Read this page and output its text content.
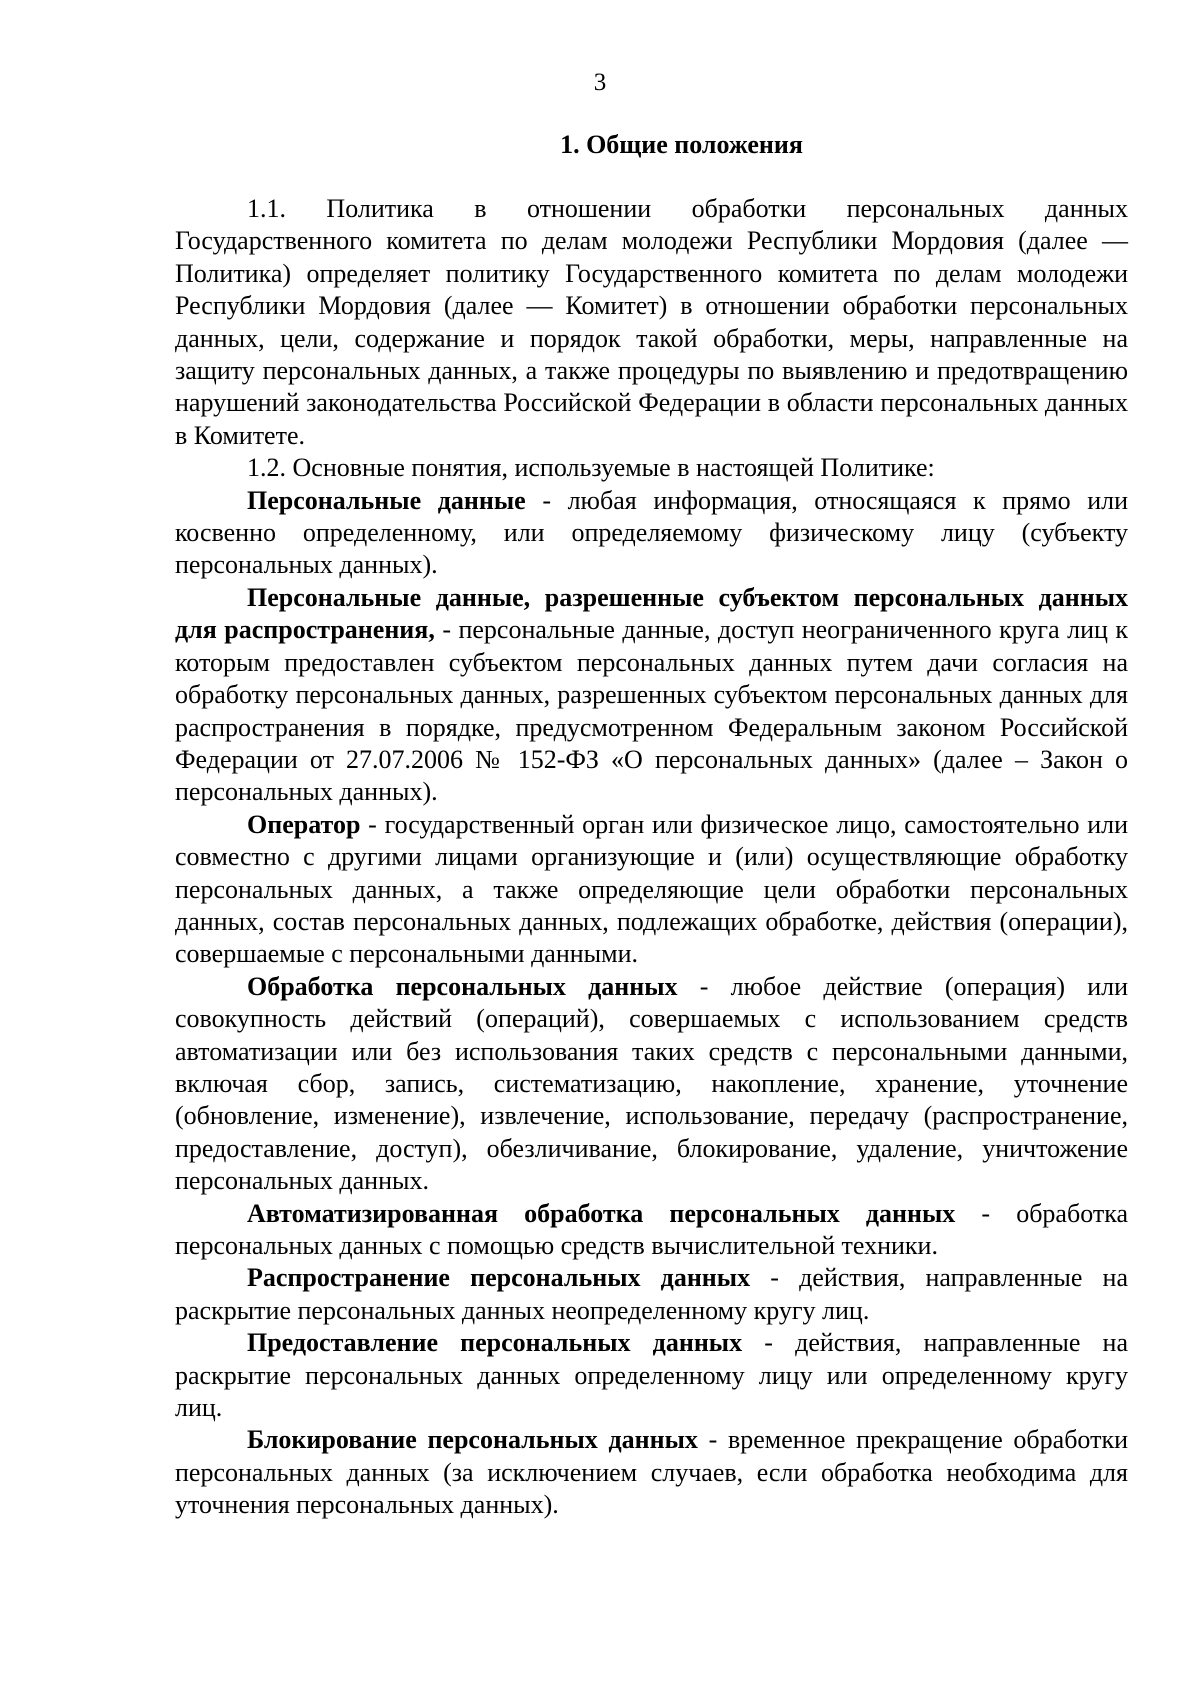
3
1. Общие положения

1.1. Политика в отношении обработки персональных данных Государственного комитета по делам молодежи Республики Мордовия (далее — Политика) определяет политику Государственного комитета по делам молодежи Республики Мордовия (далее — Комитет) в отношении обработки персональных данных, цели, содержание и порядок такой обработки, меры, направленные на защиту персональных данных, а также процедуры по выявлению и предотвращению нарушений законодательства Российской Федерации в области персональных данных в Комитете.

1.2. Основные понятия, используемые в настоящей Политике:

Персональные данные - любая информация, относящаяся к прямо или косвенно определенному, или определяемому физическому лицу (субъекту персональных данных).

Персональные данные, разрешенные субъектом персональных данных для распространения, - персональные данные, доступ неограниченного круга лиц к которым предоставлен субъектом персональных данных путем дачи согласия на обработку персональных данных, разрешенных субъектом персональных данных для распространения в порядке, предусмотренном Федеральным законом Российской Федерации от 27.07.2006 № 152-ФЗ «О персональных данных» (далее – Закон о персональных данных).

Оператор - государственный орган или физическое лицо, самостоятельно или совместно с другими лицами организующие и (или) осуществляющие обработку персональных данных, а также определяющие цели обработки персональных данных, состав персональных данных, подлежащих обработке, действия (операции), совершаемые с персональными данными.

Обработка персональных данных - любое действие (операция) или совокупность действий (операций), совершаемых с использованием средств автоматизации или без использования таких средств с персональными данными, включая сбор, запись, систематизацию, накопление, хранение, уточнение (обновление, изменение), извлечение, использование, передачу (распространение, предоставление, доступ), обезличивание, блокирование, удаление, уничтожение персональных данных.

Автоматизированная обработка персональных данных - обработка персональных данных с помощью средств вычислительной техники.

Распространение персональных данных - действия, направленные на раскрытие персональных данных неопределенному кругу лиц.

Предоставление персональных данных - действия, направленные на раскрытие персональных данных определенному лицу или определенному кругу лиц.

Блокирование персональных данных - временное прекращение обработки персональных данных (за исключением случаев, если обработка необходима для уточнения персональных данных).
